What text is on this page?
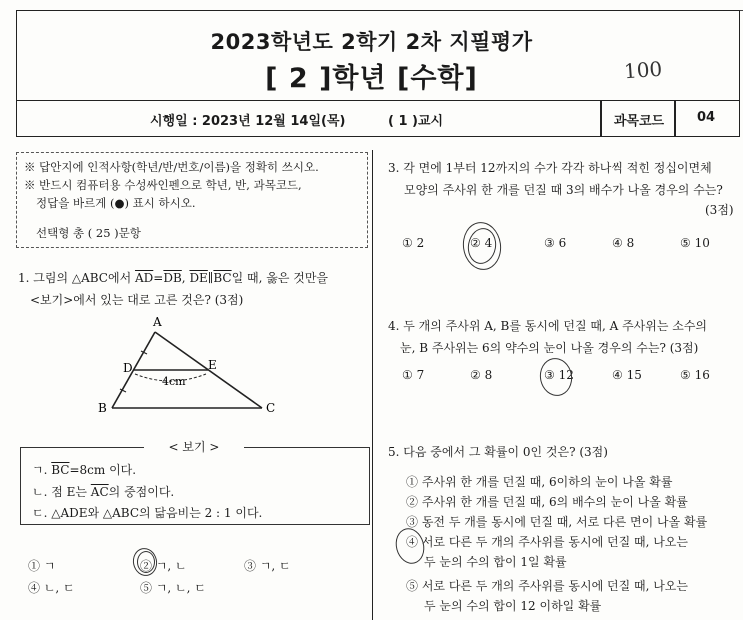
2023학년도 2학기 2차 지필평가
[ 2 ]학년 [수학]	100
시행일 : 2023년 12월 14일(목)	( 1 )교시	과목코드	04
※ 답안지에 인적사항(학년/반/번호/이름)을 정확히 쓰시오.
※ 반드시 컴퓨터용 수성싸인펜으로 학년, 반, 과목코드,
정답을 바르게 (●) 표시 하시오.
선택형 총 ( 25 )문항
1. 그림의 △ABC에서 $\overline{AD}=\overline{DB}$, $\overline{DE}\parallel\overline{BC}$일 때, 옳은 것만을
<보기>에서 있는 대로 고른 것은? (3점)
A
D	E
B	C
4cm
< 보기 >
ㄱ. $\overline{BC}=8cm$ 이다.
ㄴ. 점 E는 $\overline{AC}$의 중점이다.
ㄷ. △ADE와 △ABC의 닮음비는 2 : 1 이다.
① ㄱ	② ㄱ, ㄴ	③ ㄱ, ㄷ
④ ㄴ, ㄷ	⑤ ㄱ, ㄴ, ㄷ
3. 각 면에 1부터 12까지의 수가 각각 하나씩 적힌 정십이면체
모양의 주사위 한 개를 던질 때 3의 배수가 나올 경우의 수는?
(3점)
① 2	② 4	③ 6	④ 8	⑤ 10
4. 두 개의 주사위 A, B를 동시에 던질 때, A 주사위는 소수의
눈, B 주사위는 6의 약수의 눈이 나올 경우의 수는? (3점)
① 7	② 8	③ 12	④ 15	⑤ 16
5. 다음 중에서 그 확률이 0인 것은? (3점)
① 주사위 한 개를 던질 때, 6이하의 눈이 나올 확률
② 주사위 한 개를 던질 때, 6의 배수의 눈이 나올 확률
③ 동전 두 개를 동시에 던질 때, 서로 다른 면이 나올 확률
④ 서로 다른 두 개의 주사위를 동시에 던질 때, 나오는
두 눈의 수의 합이 1일 확률
⑤ 서로 다른 두 개의 주사위를 동시에 던질 때, 나오는
두 눈의 수의 합이 12 이하일 확률
